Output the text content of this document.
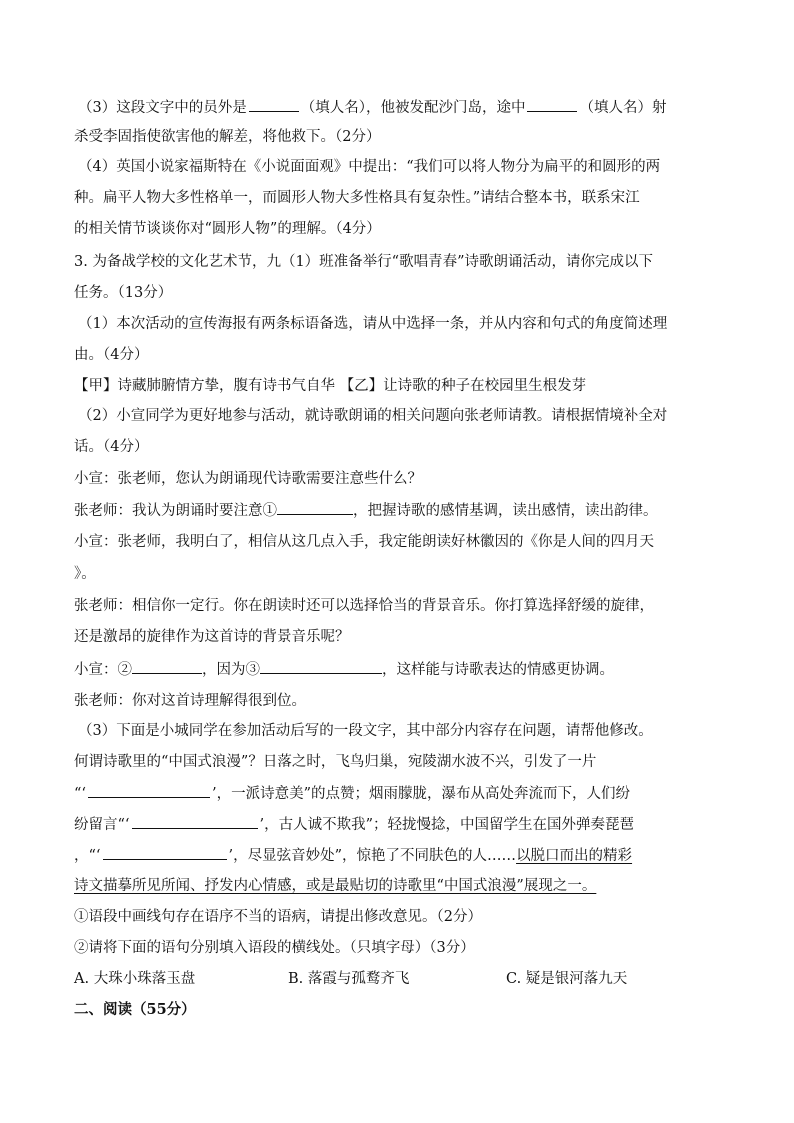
（3）这段文字中的员外是	（填人名），他被发配沙门岛，途中	（填人名）射
杀受李固指使欲害他的解差，将他救下。（2分）
（4）英国小说家福斯特在《小说面面观》中提出：“我们可以将人物分为扁平的和圆形的两
种。扁平人物大多性格单一，而圆形人物大多性格具有复杂性。”请结合整本书，联系宋江
的相关情节谈谈你对“圆形人物”的理解。（4分）
3. 为备战学校的文化艺术节，九（1）班准备举行“歌唱青春”诗歌朗诵活动，请你完成以下
任务。（13分）
（1）本次活动的宣传海报有两条标语备选，请从中选择一条，并从内容和句式的角度简述理
由。（4分）
【甲】诗藏肺腑情方挚，腹有诗书气自华 【乙】让诗歌的种子在校园里生根发芽
（2）小宣同学为更好地参与活动，就诗歌朗诵的相关问题向张老师请教。请根据情境补全对
话。（4分）
小宣：张老师，您认为朗诵现代诗歌需要注意些什么？
张老师：我认为朗诵时要注意①	，把握诗歌的感情基调，读出感情，读出韵律。
小宣：张老师，我明白了，相信从这几点入手，我定能朗读好林徽因的《你是人间的四月天
》。
张老师：相信你一定行。你在朗读时还可以选择恰当的背景音乐。你打算选择舒缓的旋律，
还是激昂的旋律作为这首诗的背景音乐呢？
小宣：②	，因为③	，这样能与诗歌表达的情感更协调。
张老师：你对这首诗理解得很到位。
（3）下面是小城同学在参加活动后写的一段文字，其中部分内容存在问题，请帮他修改。
何谓诗歌里的“中国式浪漫”？日落之时，飞鸟归巢，宛陵湖水波不兴，引发了一片
“‘	’，一派诗意美”的点赞；烟雨朦胧，瀑布从高处奔流而下，人们纷
纷留言“‘	’，古人诚不欺我”；轻拢慢捻，中国留学生在国外弹奏琵琶
，“‘	’，尽显弦音妙处”，惊艳了不同肤色的人……以脱口而出的精彩
诗文描摹所见所闻、抒发内心情感，或是最贴切的诗歌里“中国式浪漫”展现之一。
①语段中画线句存在语序不当的语病，请提出修改意见。（2分）
②请将下面的语句分别填入语段的横线处。（只填字母）（3分）
A. 大珠小珠落玉盘	B. 落霞与孤鹜齐飞	C. 疑是银河落九天
二、阅读（55分）
